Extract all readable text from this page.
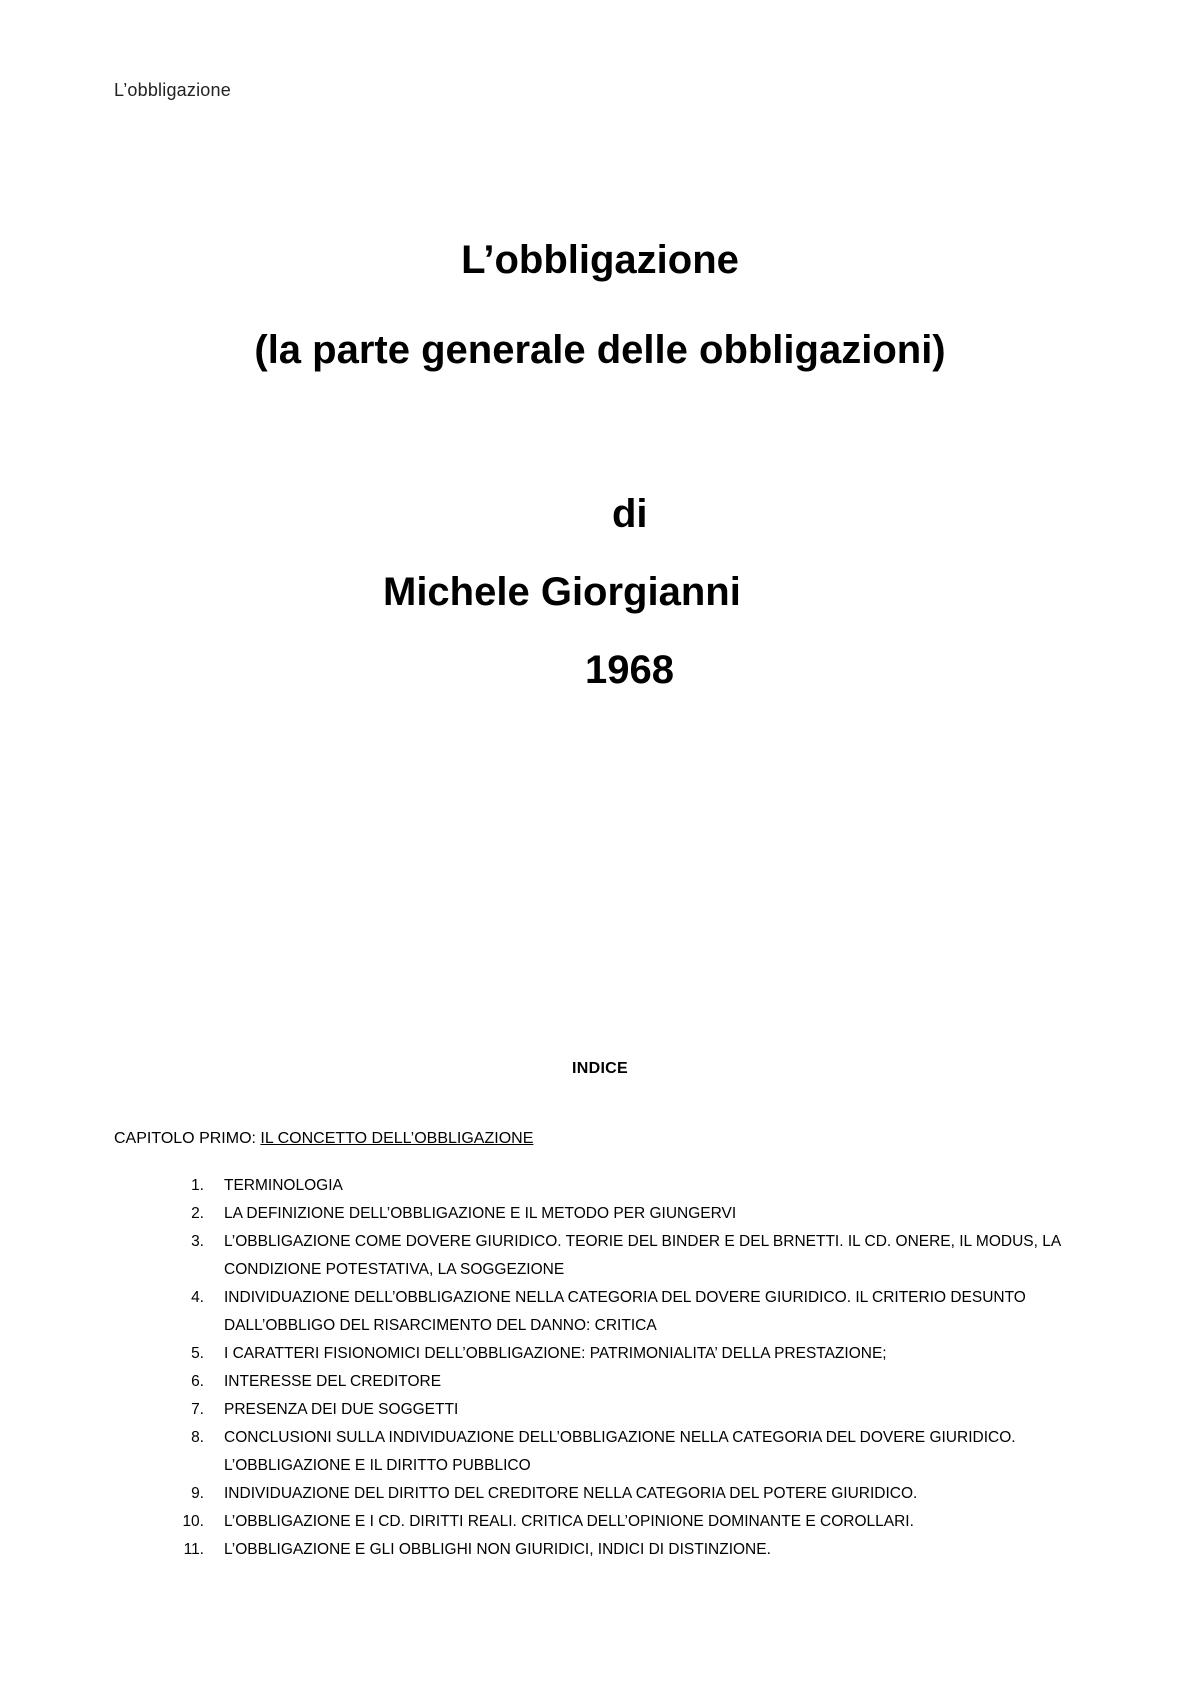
L’obbligazione
L’obbligazione
(la parte generale delle obbligazioni)
di
Michele Giorgianni
1968
INDICE
CAPITOLO PRIMO: IL CONCETTO DELL’OBBLIGAZIONE
1. TERMINOLOGIA
2. LA DEFINIZIONE DELL’OBBLIGAZIONE E IL METODO PER GIUNGERVI
3. L’OBBLIGAZIONE COME DOVERE GIURIDICO. TEORIE DEL BINDER E DEL BRNETTI. IL CD. ONERE, IL MODUS, LA CONDIZIONE POTESTATIVA, LA SOGGEZIONE
4. INDIVIDUAZIONE DELL’OBBLIGAZIONE NELLA CATEGORIA DEL DOVERE GIURIDICO. IL CRITERIO DESUNTO DALL’OBBLIGO DEL RISARCIMENTO DEL DANNO: CRITICA
5. I CARATTERI FISIONOMICI DELL’OBBLIGAZIONE: PATRIMONIALITA’ DELLA PRESTAZIONE;
6. INTERESSE DEL CREDITORE
7. PRESENZA DEI DUE SOGGETTI
8. CONCLUSIONI SULLA INDIVIDUAZIONE DELL’OBBLIGAZIONE NELLA CATEGORIA DEL DOVERE GIURIDICO. L’OBBLIGAZIONE E IL DIRITTO PUBBLICO
9. INDIVIDUAZIONE DEL DIRITTO DEL CREDITORE NELLA CATEGORIA DEL POTERE GIURIDICO.
10. L’OBBLIGAZIONE E I CD. DIRITTI REALI. CRITICA DELL’OPINIONE DOMINANTE E COROLLARI.
11. L’OBBLIGAZIONE E GLI OBBLIGHI NON GIURIDICI, INDICI DI DISTINZIONE.
